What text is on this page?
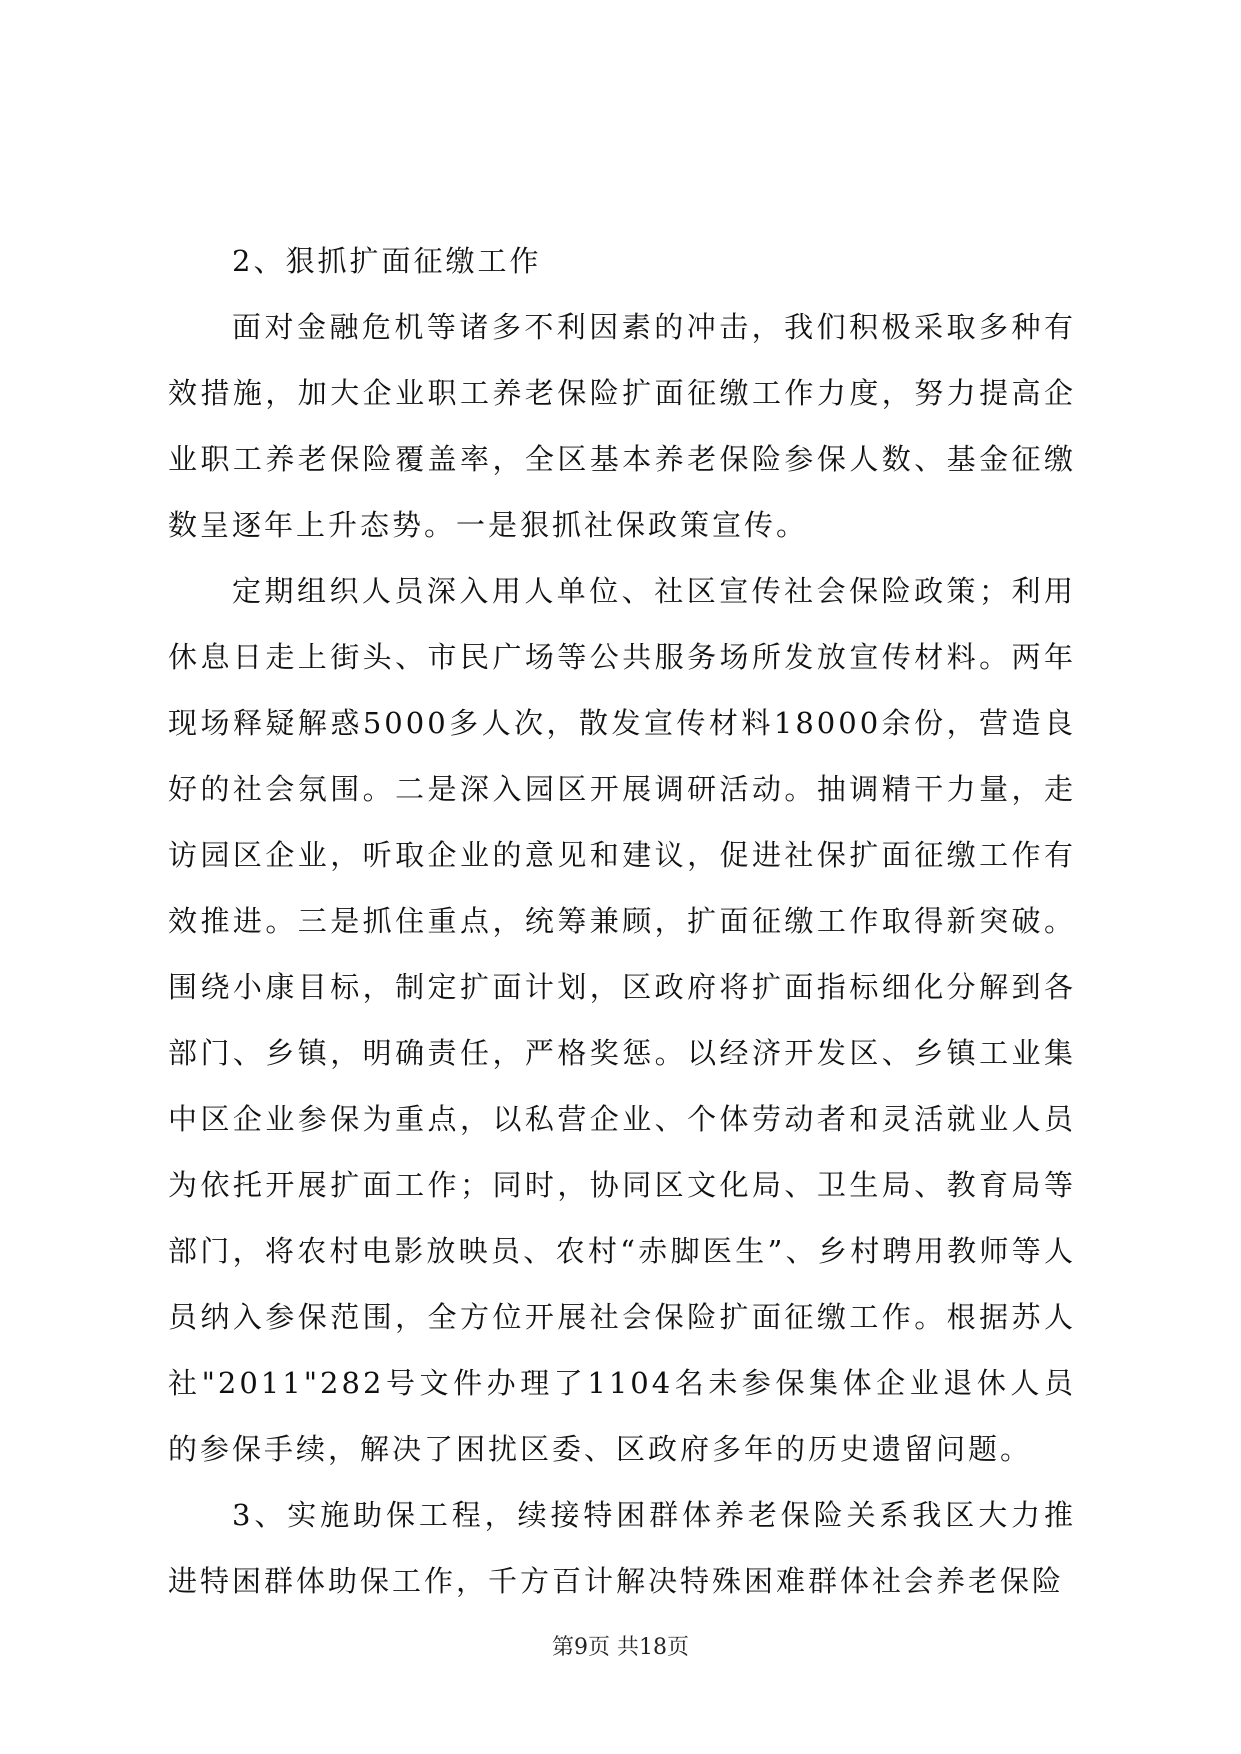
2、狠抓扩面征缴工作

面对金融危机等诸多不利因素的冲击，我们积极采取多种有效措施，加大企业职工养老保险扩面征缴工作力度，努力提高企业职工养老保险覆盖率，全区基本养老保险参保人数、基金征缴数呈逐年上升态势。一是狠抓社保政策宣传。

定期组织人员深入用人单位、社区宣传社会保险政策；利用休息日走上街头、市民广场等公共服务场所发放宣传材料。两年现场释疑解惑5000多人次，散发宣传材料18000余份，营造良好的社会氛围。二是深入园区开展调研活动。抽调精干力量，走访园区企业，听取企业的意见和建议，促进社保扩面征缴工作有效推进。三是抓住重点，统筹兼顾，扩面征缴工作取得新突破。围绕小康目标，制定扩面计划，区政府将扩面指标细化分解到各部门、乡镇，明确责任，严格奖惩。以经济开发区、乡镇工业集中区企业参保为重点，以私营企业、个体劳动者和灵活就业人员为依托开展扩面工作；同时，协同区文化局、卫生局、教育局等部门，将农村电影放映员、农村“赤脚医生”、乡村聘用教师等人员纳入参保范围，全方位开展社会保险扩面征缴工作。根据苏人社"2011"282号文件办理了1104名未参保集体企业退休人员的参保手续，解决了困扰区委、区政府多年的历史遗留问题。

3、实施助保工程，续接特困群体养老保险关系我区大力推进特困群体助保工作，千方百计解决特殊困难群体社会养老保险

第9页 共18页
